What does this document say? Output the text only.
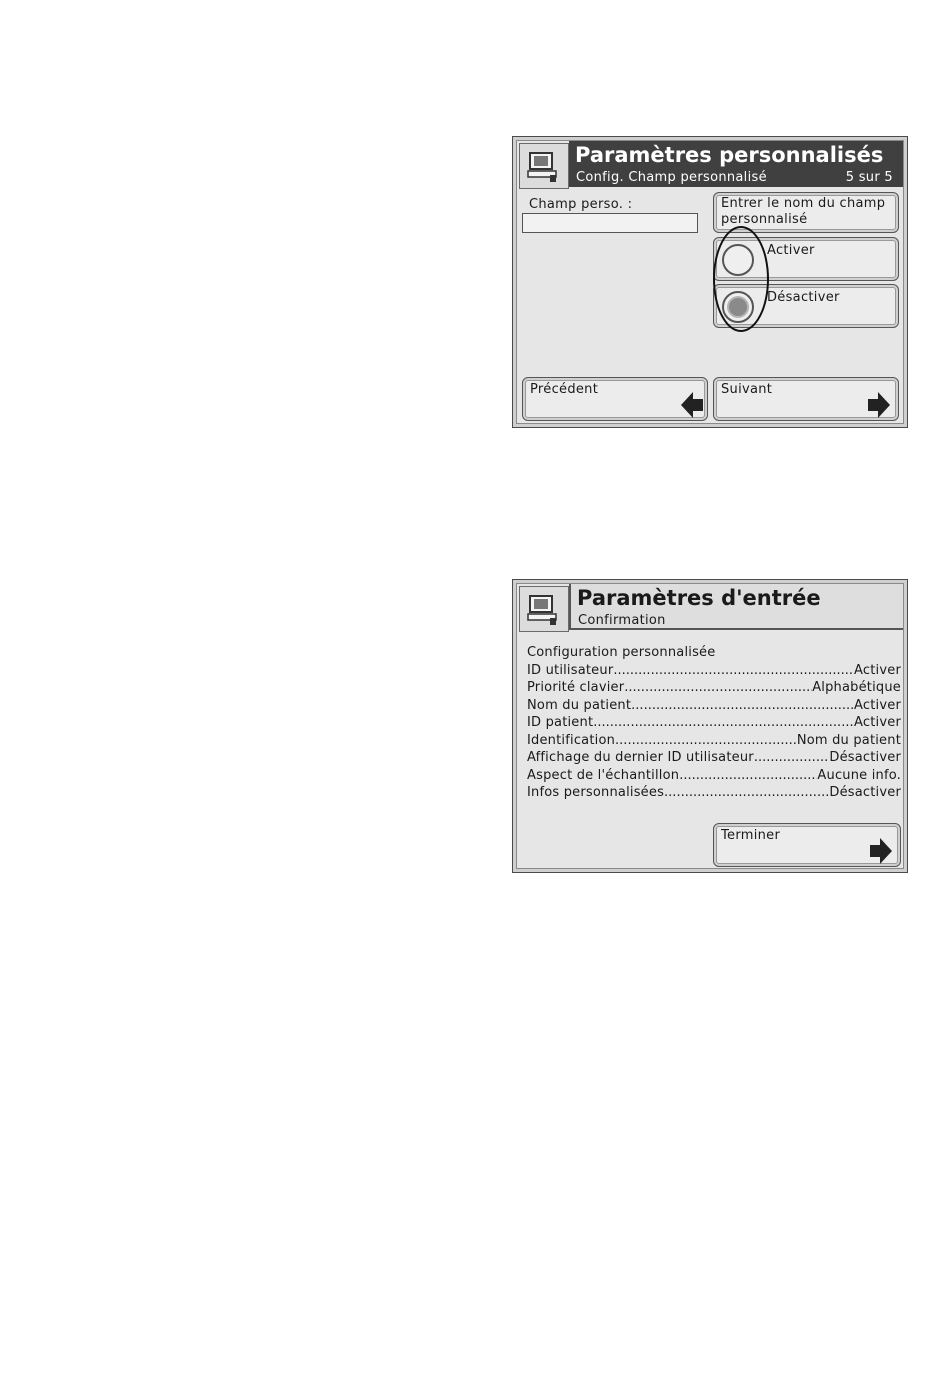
Paramètres personnalisés
Config. Champ personnalisé	5 sur 5
Champ perso. :	Entrer le nom du champ personnalisé
Activer
Désactiver
Précédent	Suivant
Paramètres d'entrée
Confirmation
Configuration personnalisée
ID utilisateur .....	Activer
Priorité clavier .....	Alphabétique
Nom du patient .....	Activer
ID patient .....	Activer
Identification .....	Nom du patient
Affichage du dernier ID utilisateur .....	Désactiver
Aspect de l'échantillon .....	Aucune info.
Infos personnalisées .....	Désactiver
Terminer
